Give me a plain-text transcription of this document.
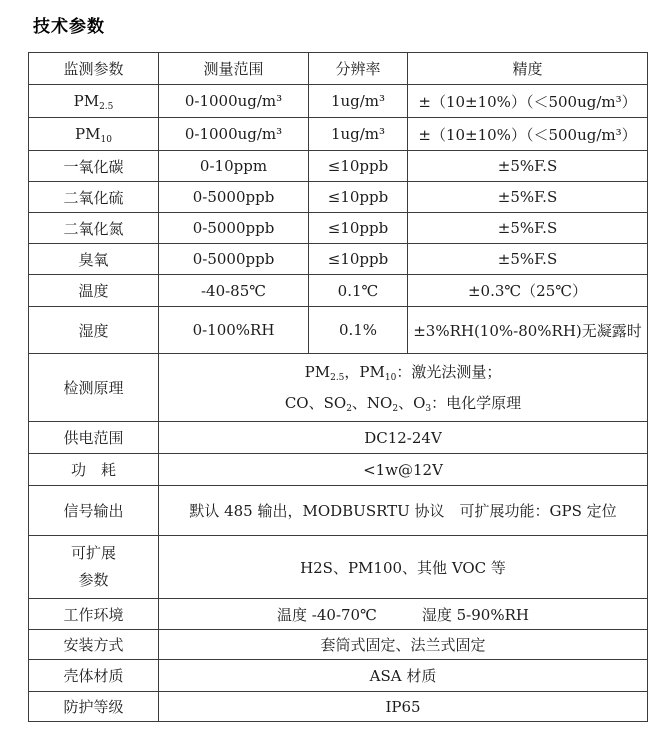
技术参数
监测参数	测量范围	分辨率	精度
$PM_{2.5}$	0-1000ug/m³	1ug/m³	±（10±10%）（＜500ug/m³）
$PM_{10}$	0-1000ug/m³	1ug/m³	±（10±10%）（＜500ug/m³）
一氧化碳	0-10ppm	≤10ppb	±5%F.S
二氧化硫	0-5000ppb	≤10ppb	±5%F.S
二氧化氮	0-5000ppb	≤10ppb	±5%F.S
臭氧	0-5000ppb	≤10ppb	±5%F.S
温度	-40-85℃	0.1℃	±0.3℃（25℃）
湿度	0-100%RH	0.1%	±3%RH(10%-80%RH)无凝露时
检测原理	$PM_{2.5}$，$PM_{10}$：激光法测量；
CO、$SO_2$、$NO_2$、$O_3$：电化学原理		

供电范围	DC12-24V		
功　耗	<1w@12V		
信号输出	默认 485 输出，MODBUSRTU 协议　可扩展功能：GPS 定位		

可扩展
参数	H2S、PM100、其他 VOC 等		
工作环境	温度 -40-70℃　　　湿度 5-90%RH		
安装方式	套筒式固定、法兰式固定		
壳体材质	ASA 材质		
防护等级	IP65		
